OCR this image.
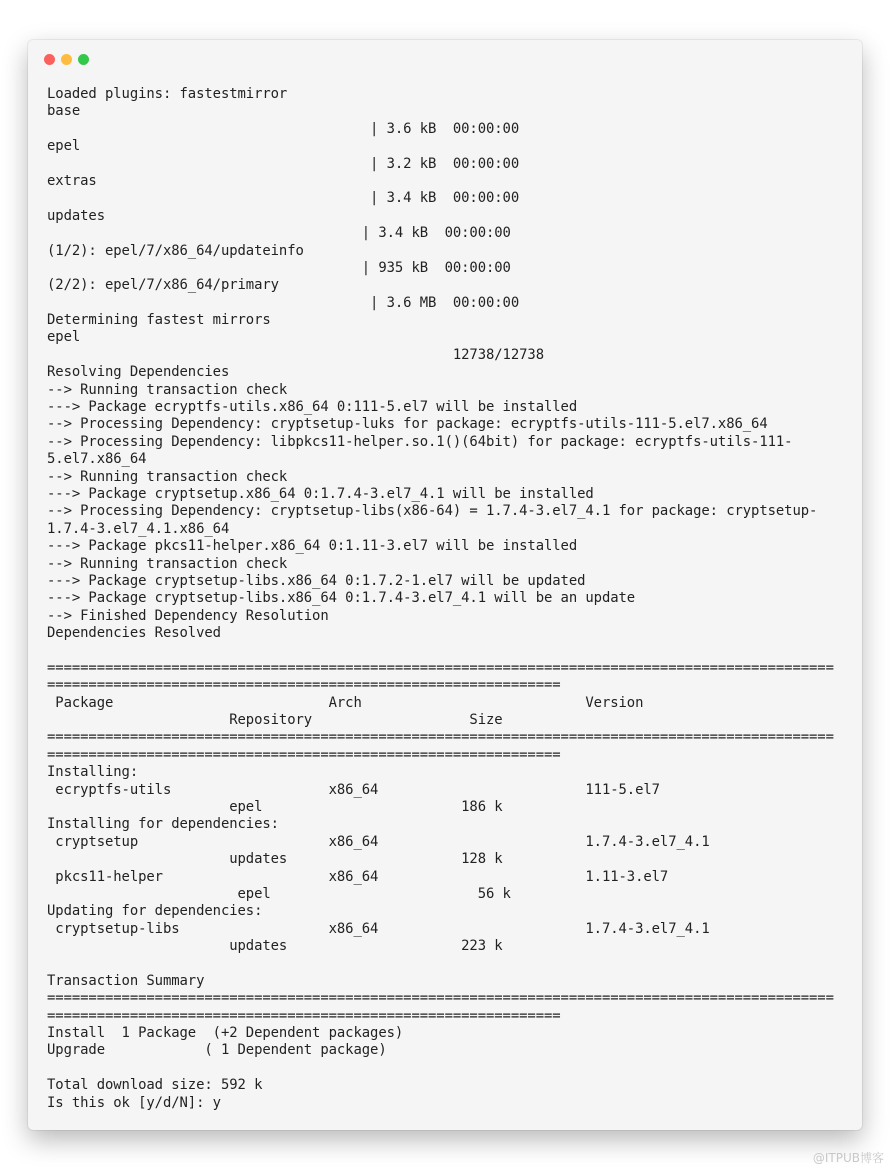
Loaded plugins: fastestmirror
base
| 3.6 kB  00:00:00
epel
| 3.2 kB  00:00:00
extras
| 3.4 kB  00:00:00
updates
| 3.4 kB  00:00:00
(1/2): epel/7/x86_64/updateinfo
| 935 kB  00:00:00
(2/2): epel/7/x86_64/primary
| 3.6 MB  00:00:00
Determining fastest mirrors
epel
12738/12738
Resolving Dependencies
--> Running transaction check
---> Package ecryptfs-utils.x86_64 0:111-5.el7 will be installed
--> Processing Dependency: cryptsetup-luks for package: ecryptfs-utils-111-5.el7.x86_64
--> Processing Dependency: libpkcs11-helper.so.1()(64bit) for package: ecryptfs-utils-111-
5.el7.x86_64
--> Running transaction check
---> Package cryptsetup.x86_64 0:1.7.4-3.el7_4.1 will be installed
--> Processing Dependency: cryptsetup-libs(x86-64) = 1.7.4-3.el7_4.1 for package: cryptsetup-
1.7.4-3.el7_4.1.x86_64
---> Package pkcs11-helper.x86_64 0:1.11-3.el7 will be installed
--> Running transaction check
---> Package cryptsetup-libs.x86_64 0:1.7.2-1.el7 will be updated
---> Package cryptsetup-libs.x86_64 0:1.7.4-3.el7_4.1 will be an update
--> Finished Dependency Resolution
Dependencies Resolved
===============================================================================================
==============================================================
Package                          Arch                           Version
Repository                   Size
===============================================================================================
==============================================================
Installing:
ecryptfs-utils                   x86_64                         111-5.el7
epel                        186 k
Installing for dependencies:
cryptsetup                       x86_64                         1.7.4-3.el7_4.1
updates                     128 k
pkcs11-helper                    x86_64                         1.11-3.el7
epel                         56 k
Updating for dependencies:
cryptsetup-libs                  x86_64                         1.7.4-3.el7_4.1
updates                     223 k
Transaction Summary
===============================================================================================
==============================================================
Install  1 Package  (+2 Dependent packages)
Upgrade            ( 1 Dependent package)
Total download size: 592 k
Is this ok [y/d/N]: y
@ITPUB博客
